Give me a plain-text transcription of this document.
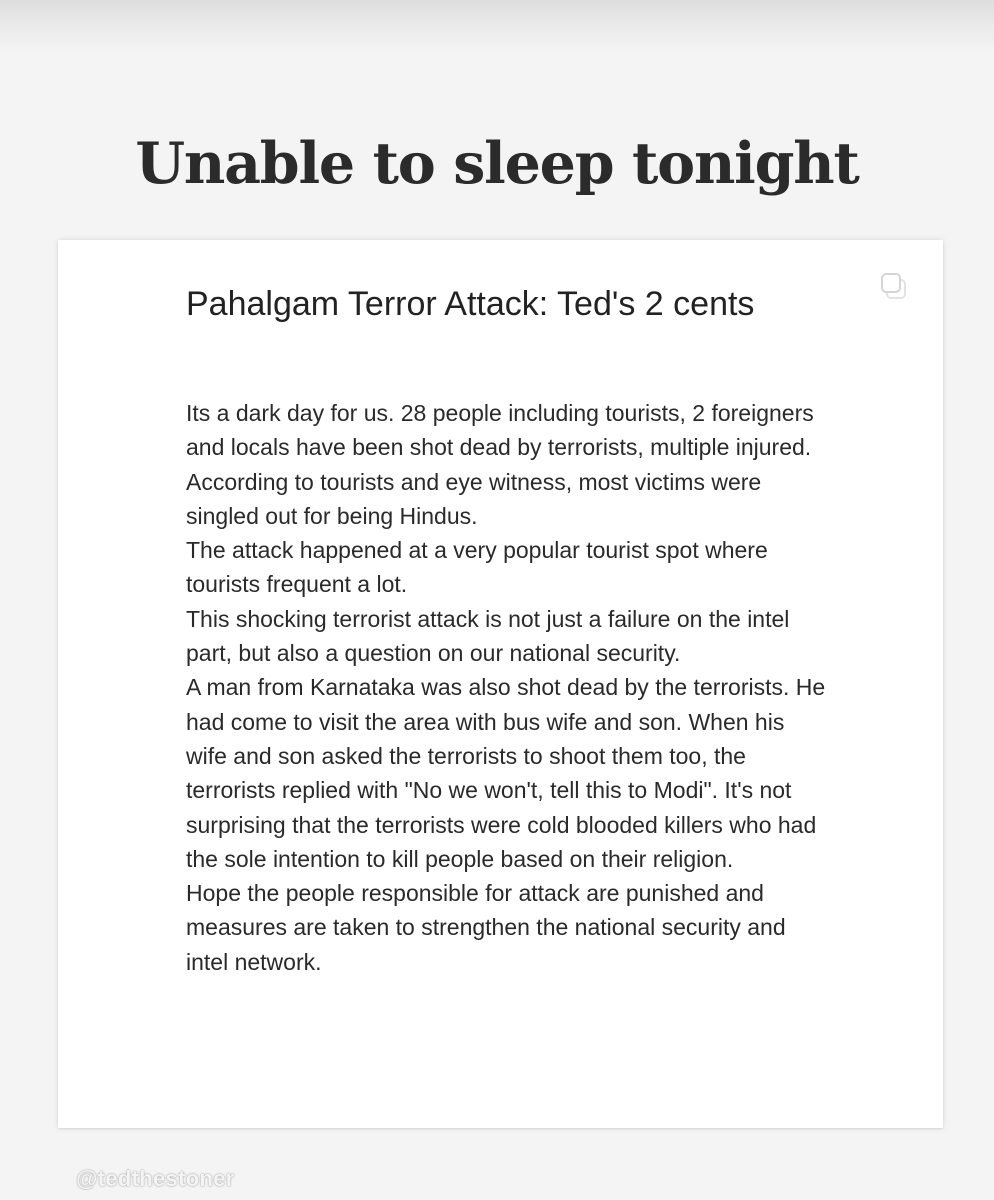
Unable to sleep tonight
Pahalgam Terror Attack: Ted's 2 cents

Its a dark day for us. 28 people including tourists, 2 foreigners and locals have been shot dead by terrorists, multiple injured. According to tourists and eye witness, most victims were singled out for being Hindus.

The attack happened at a very popular tourist spot where tourists frequent a lot.

This shocking terrorist attack is not just a failure on the intel part, but also a question on our national security.

A man from Karnataka was also shot dead by the terrorists. He had come to visit the area with bus wife and son. When his wife and son asked the terrorists to shoot them too, the terrorists replied with "No we won't, tell this to Modi". It's not surprising that the terrorists were cold blooded killers who had the sole intention to kill people based on their religion.

Hope the people responsible for attack are punished and measures are taken to strengthen the national security and intel network.

@tedthestoner
